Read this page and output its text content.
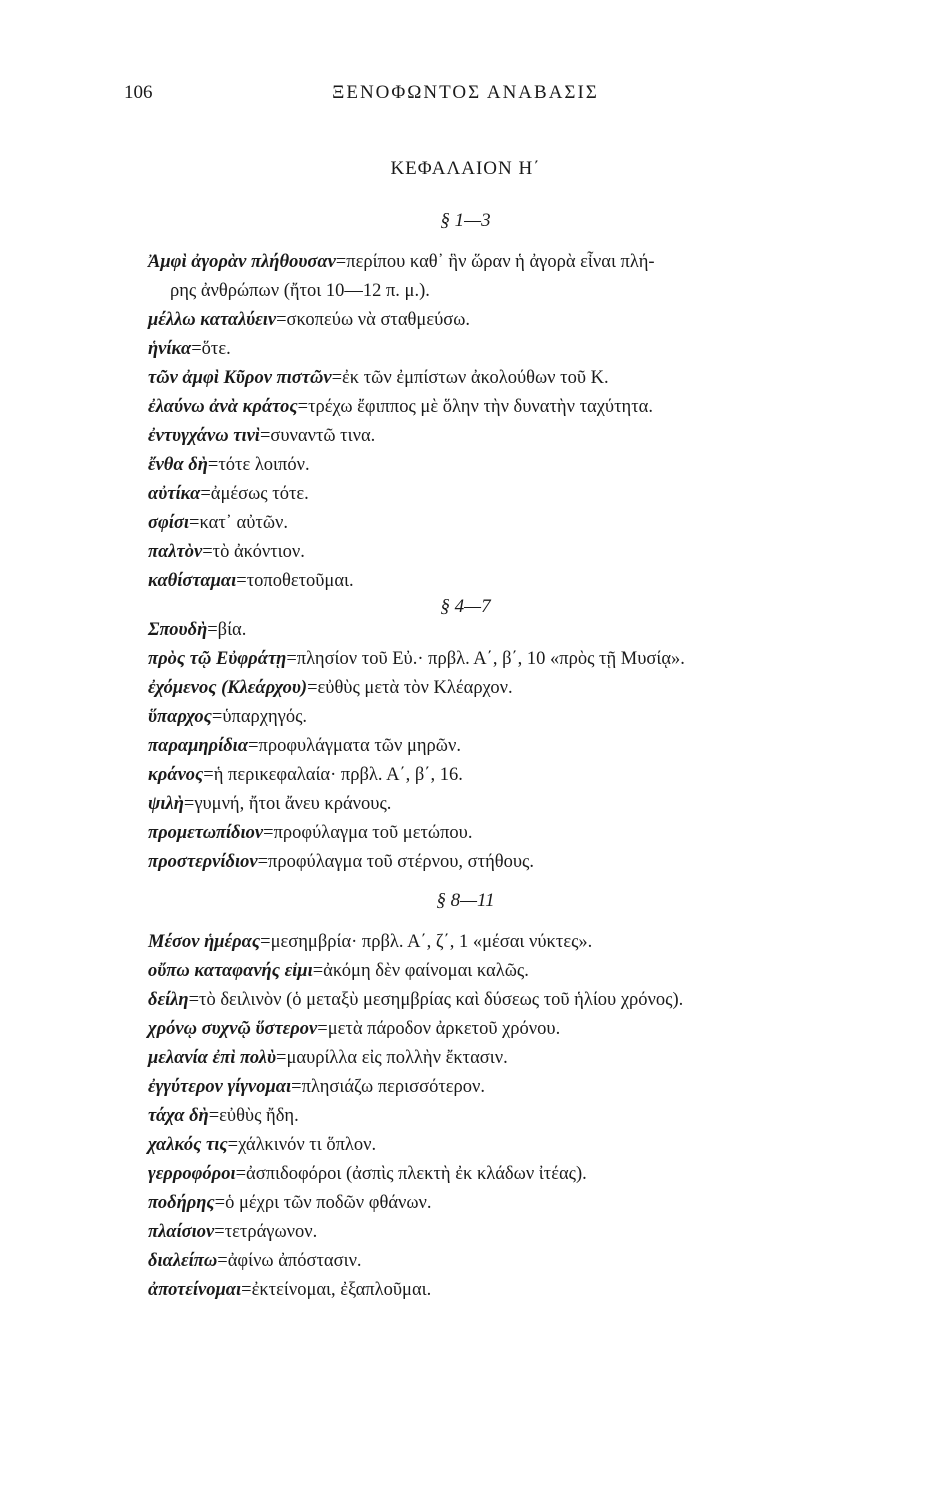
106	ΞΕΝΟΦΩΝΤΟΣ ΑΝΑΒΑΣΙΣ
ΚΕΦΑΛΑΙΟΝ Η΄
§ 1—3
Ἀμφὶ ἀγορὰν πλήθουσαν=περίπου καθ᾿ ἣν ὥραν ἡ ἀγορὰ εἶναι πλή-
ρης ἀνθρώπων (ἤτοι 10—12 π. μ.).
μέλλω καταλύειν=σκοπεύω νὰ σταθμεύσω.
ἡνίκα=ὅτε.
τῶν ἀμφὶ Κῦρον πιστῶν=ἐκ τῶν ἐμπίστων ἀκολούθων τοῦ Κ.
ἐλαύνω ἀνὰ κράτος=τρέχω ἔφιππος μὲ ὅλην τὴν δυνατὴν ταχύτητα.
ἐντυγχάνω τινὶ=συναντῶ τινα.
ἔνθα δὴ=τότε λοιπόν.
αὐτίκα=ἀμέσως τότε.
σφίσι=κατ᾿ αὐτῶν.
παλτὸν=τὸ ἀκόντιον.
καθίσταμαι=τοποθετοῦμαι.
§ 4—7
Σπουδὴ=βία.
πρὸς τῷ Εὐφράτῃ=πλησίον τοῦ Εὐ.· πρβλ. Α΄, β΄, 10 «πρὸς τῇ Μυσίᾳ».
ἐχόμενος (Κλεάρχου)=εὐθὺς μετὰ τὸν Κλέαρχον.
ὕπαρχος=ὑπαρχηγός.
παραμηρίδια=προφυλάγματα τῶν μηρῶν.
κράνος=ἡ περικεφαλαία· πρβλ. Α΄, β΄, 16.
ψιλὴ=γυμνή, ἤτοι ἄνευ κράνους.
προμετωπίδιον=προφύλαγμα τοῦ μετώπου.
προστερνίδιον=προφύλαγμα τοῦ στέρνου, στήθους.
§ 8—11
Μέσον ἡμέρας=μεσημβρία· πρβλ. Α΄, ζ΄, 1 «μέσαι νύκτες».
οὔπω καταφανής εἰμι=ἀκόμη δὲν φαίνομαι καλῶς.
δείλη=τὸ δειλινὸν (ὁ μεταξὺ μεσημβρίας καὶ δύσεως τοῦ ἡλίου χρόνος).
χρόνῳ συχνῷ ὕστερον=μετὰ πάροδον ἀρκετοῦ χρόνου.
μελανία ἐπὶ πολὺ=μαυρίλλα εἰς πολλὴν ἔκτασιν.
ἐγγύτερον γίγνομαι=πλησιάζω περισσότερον.
τάχα δὴ=εὐθὺς ἤδη.
χαλκός τις=χάλκινόν τι ὅπλον.
γερροφόροι=ἀσπιδοφόροι (ἀσπὶς πλεκτὴ ἐκ κλάδων ἰτέας).
ποδήρης=ὁ μέχρι τῶν ποδῶν φθάνων.
πλαίσιον=τετράγωνον.
διαλείπω=ἀφίνω ἀπόστασιν.
ἀποτείνομαι=ἐκτείνομαι, ἐξαπλοῦμαι.
